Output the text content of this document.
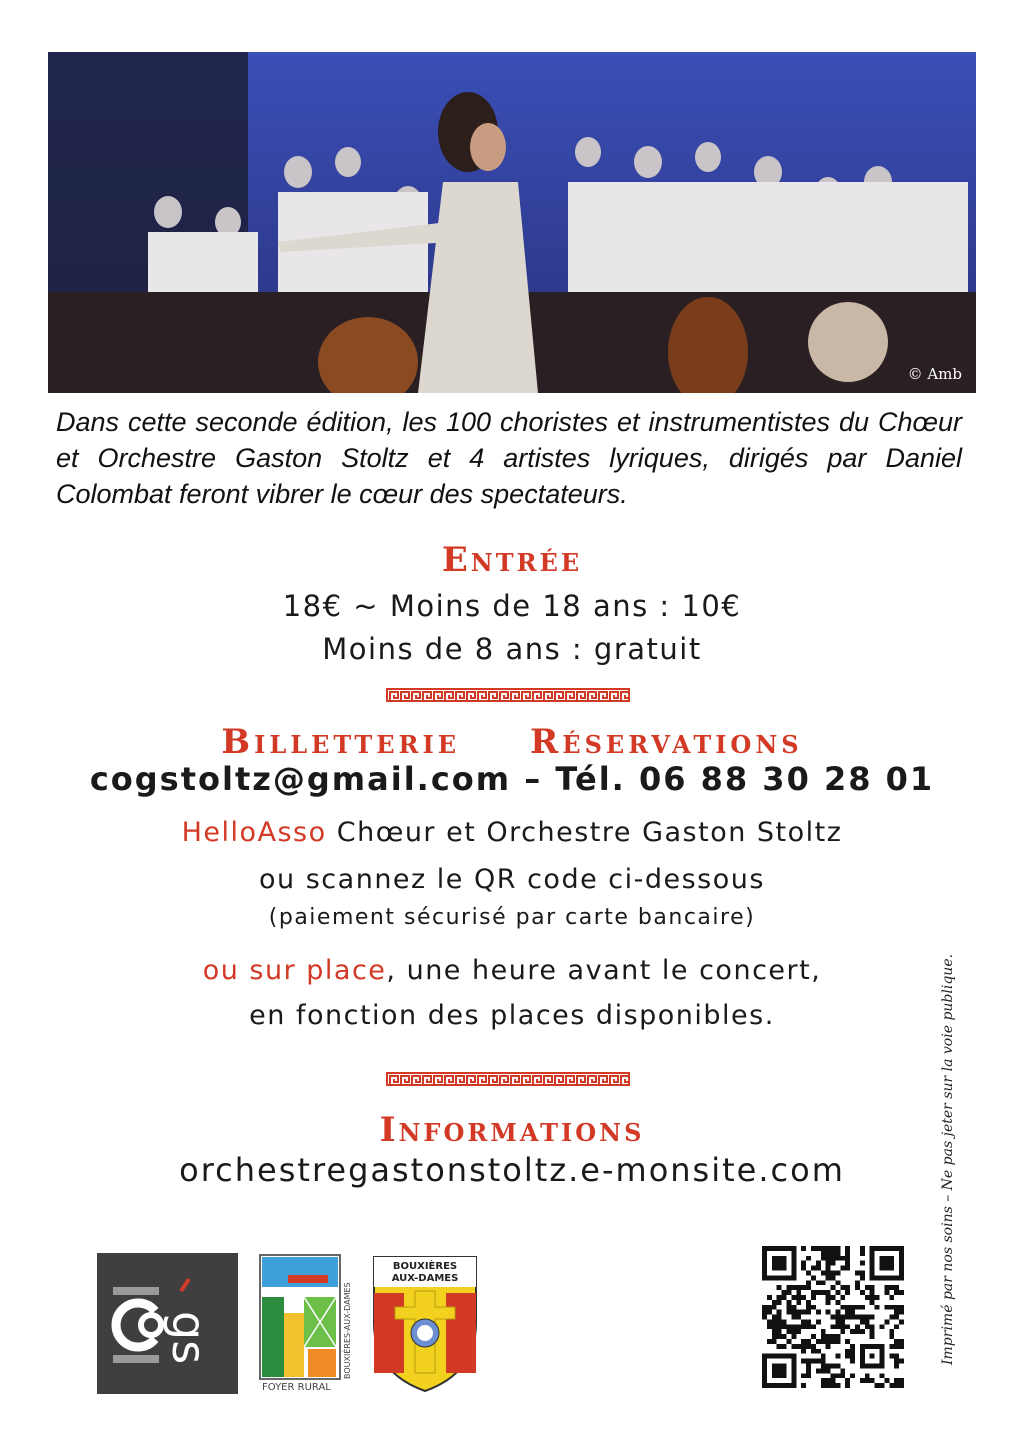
© Amb

Dans cette seconde édition, les 100 choristes et instrumentistes du Chœur et Orchestre Gaston Stoltz et 4 artistes lyriques, dirigés par Daniel Colombat feront vibrer le cœur des spectateurs.

Entrée

18€ ~ Moins de 18 ans : 10€

Moins de 8 ans : gratuit

Billetterie Réservations

cogstoltz@gmail.com – Tél. 06 88 30 28 01

HelloAsso Chœur et Orchestre Gaston Stoltz

ou scannez le QR code ci-dessous

(paiement sécurisé par carte bancaire)

ou sur place, une heure avant le concert,

en fonction des places disponibles.

Informations

orchestregastonstoltz.e-monsite.com	Imprimé par nos soins – Ne pas jeter sur la voie publique.
gs
FOYER RURAL
BOUXIÈRES-AUX-DAMES
BOUXIÈRES
AUX-DAMES
